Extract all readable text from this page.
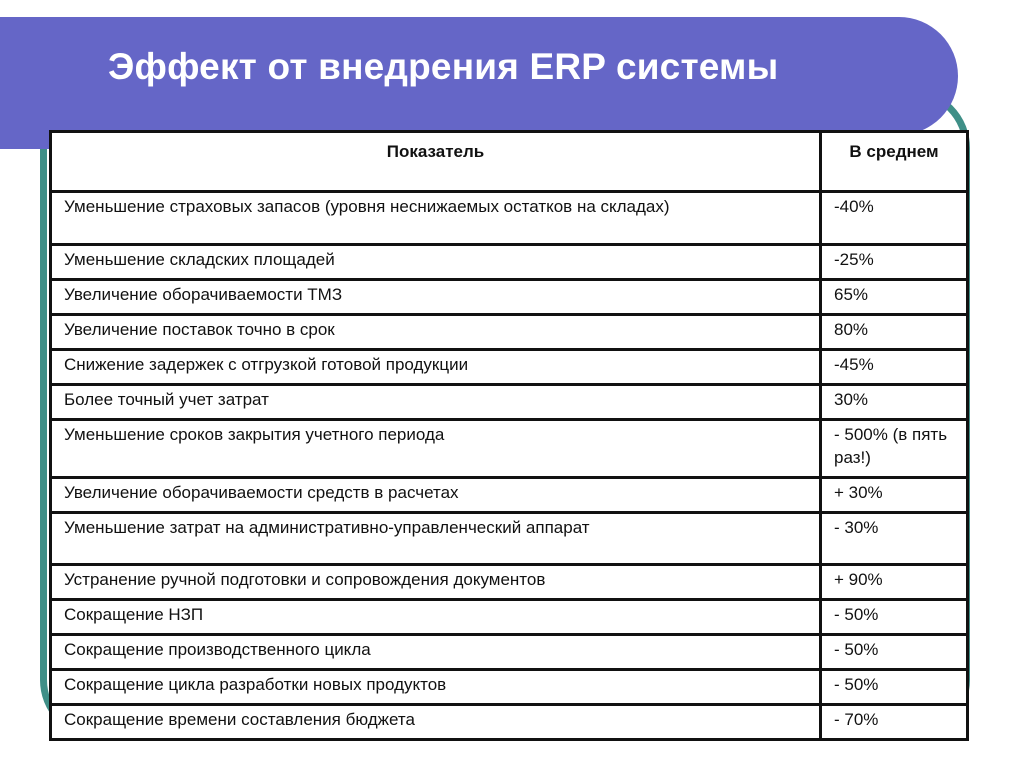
Эффект от внедрения ERP системы
Показатель	В среднем
Уменьшение страховых запасов (уровня неснижаемых остатков на складах)	-40%
Уменьшение складских площадей	-25%
Увеличение оборачиваемости ТМЗ	65%
Увеличение поставок точно в срок	80%
Снижение задержек с отгрузкой готовой продукции	-45%
Более точный учет затрат	30%
Уменьшение сроков закрытия учетного периода	- 500% (в пять раз!)
Увеличение оборачиваемости средств в расчетах	+ 30%
Уменьшение затрат на административно-управленческий аппарат	- 30%
Устранение ручной подготовки и сопровождения документов	+ 90%
Сокращение НЗП	- 50%
Сокращение производственного цикла	- 50%
Сокращение цикла разработки новых продуктов	- 50%
Сокращение времени составления бюджета	- 70%
